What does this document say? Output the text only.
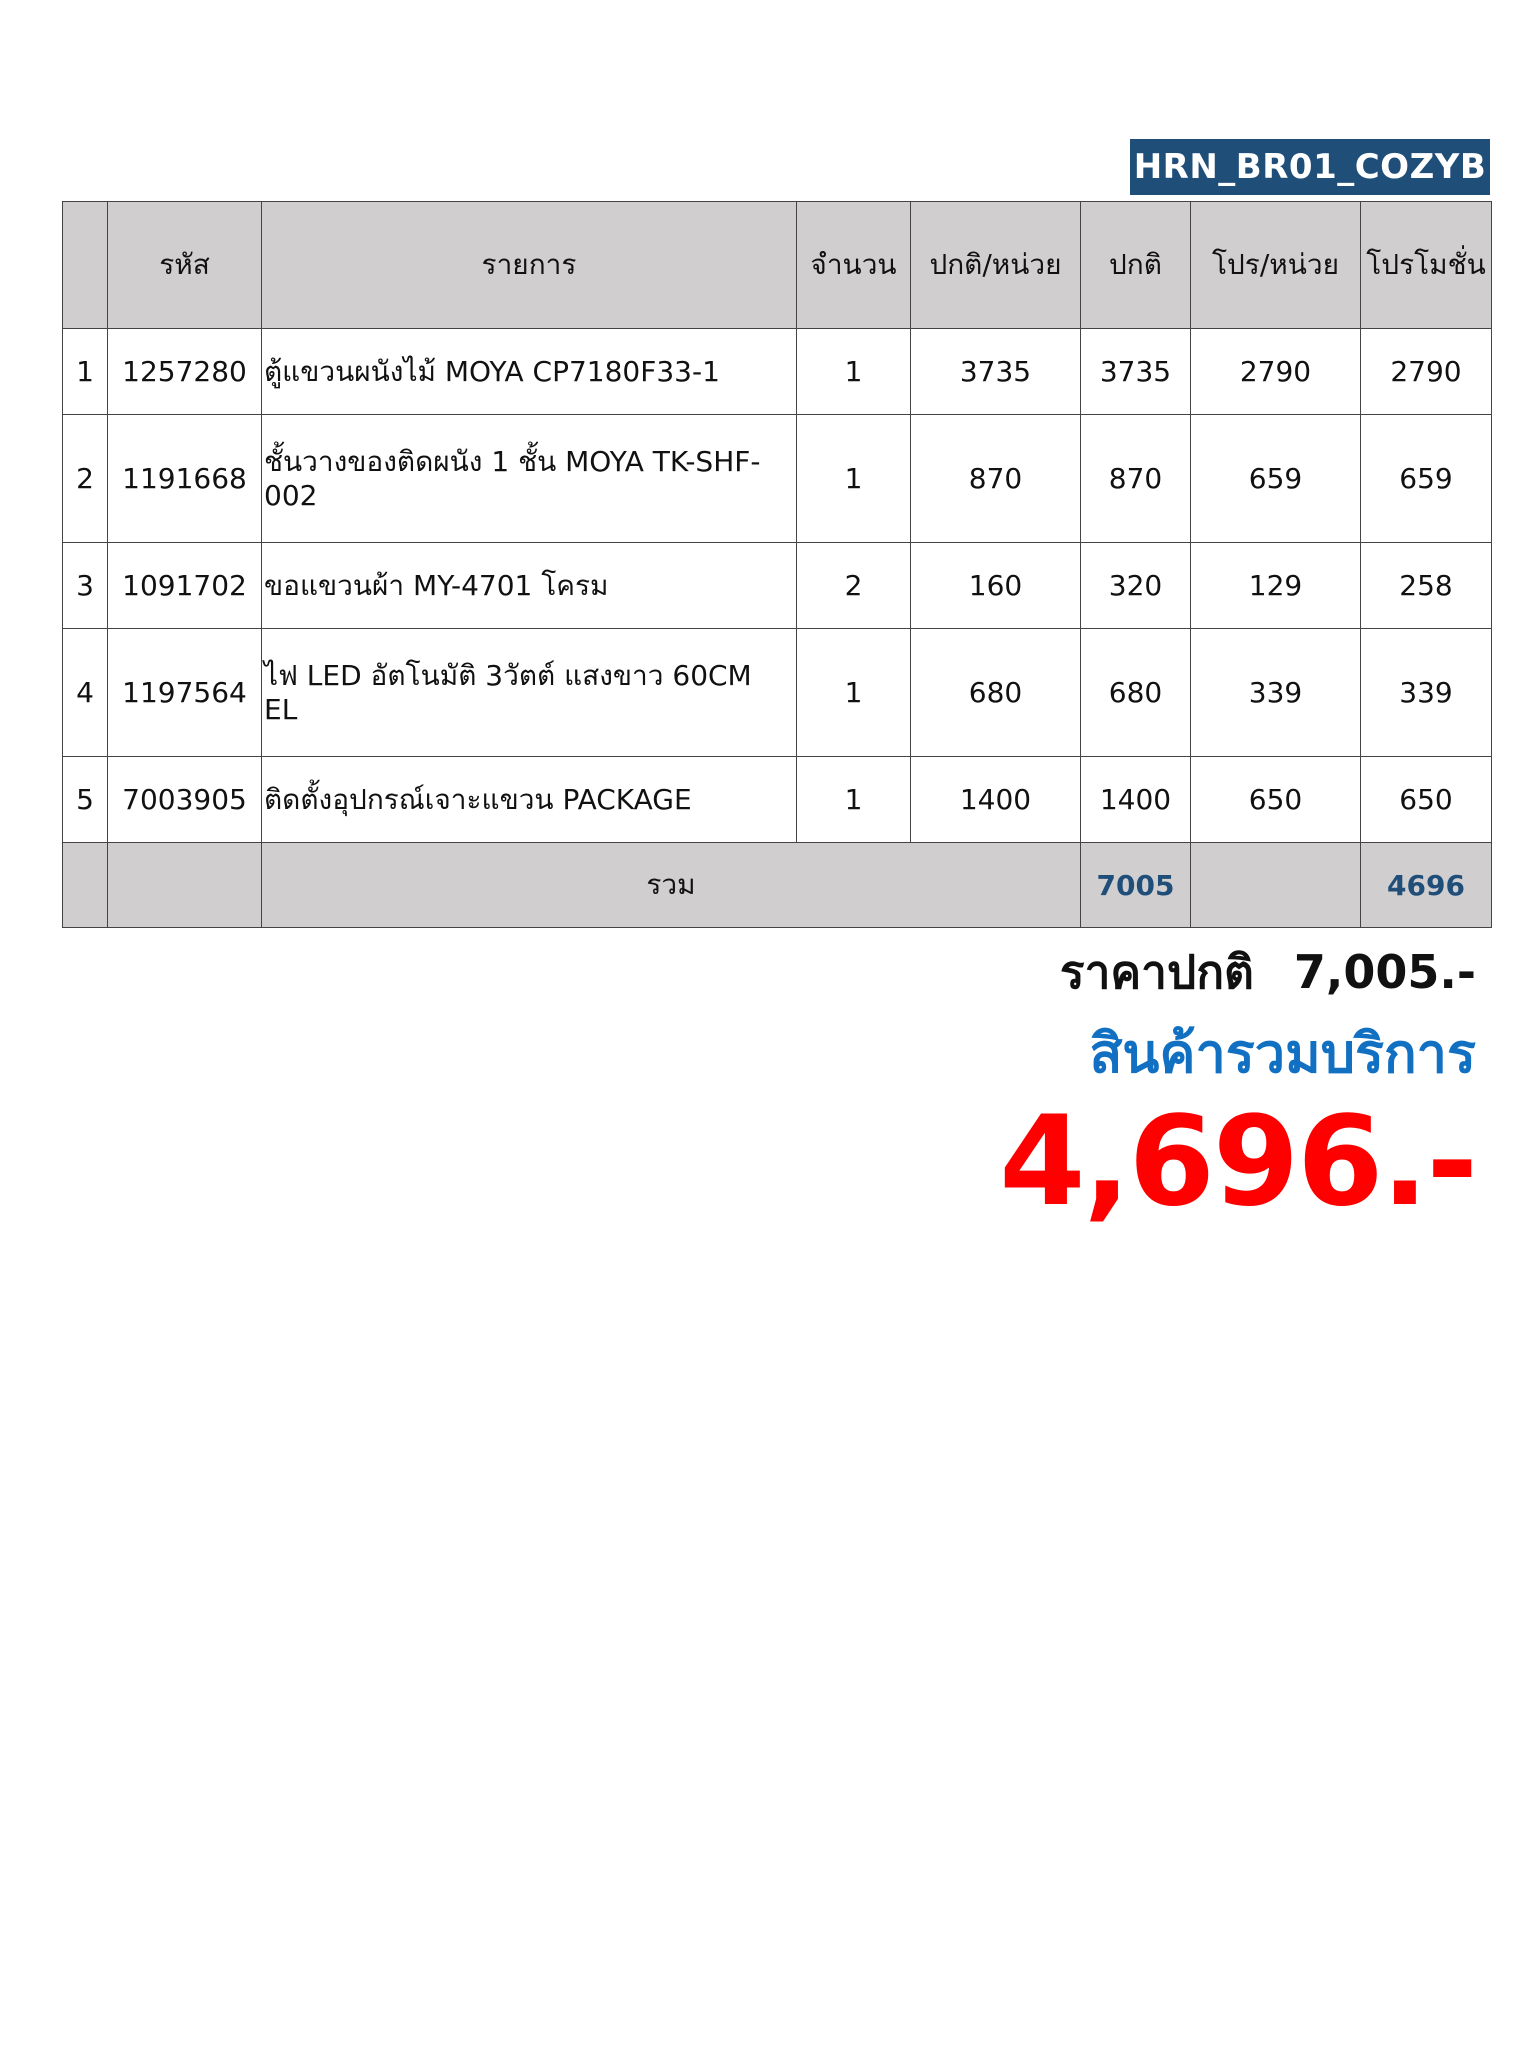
HRN_BR01_COZYB
	รหัส	รายการ	จำนวน	ปกติ/หน่วย	ปกติ	โปร/หน่วย	โปรโมชั่น
1	1257280	ตู้แขวนผนังไม้ MOYA CP7180F33-1	1	3735	3735	2790	2790
2	1191668	ชั้นวางของติดผนัง 1 ชั้น MOYA TK-SHF-002	1	870	870	659	659
3	1091702	ขอแขวนผ้า MY-4701 โครม	2	160	320	129	258
4	1197564	ไฟ LED อัตโนมัติ 3วัตต์ แสงขาว 60CM EL	1	680	680	339	339
5	7003905	ติดตั้งอุปกรณ์เจาะแขวน PACKAGE	1	1400	1400	650	650
		รวม			7005		4696
ราคาปกติ 7,005.-
สินค้ารวมบริการ
4,696.-
